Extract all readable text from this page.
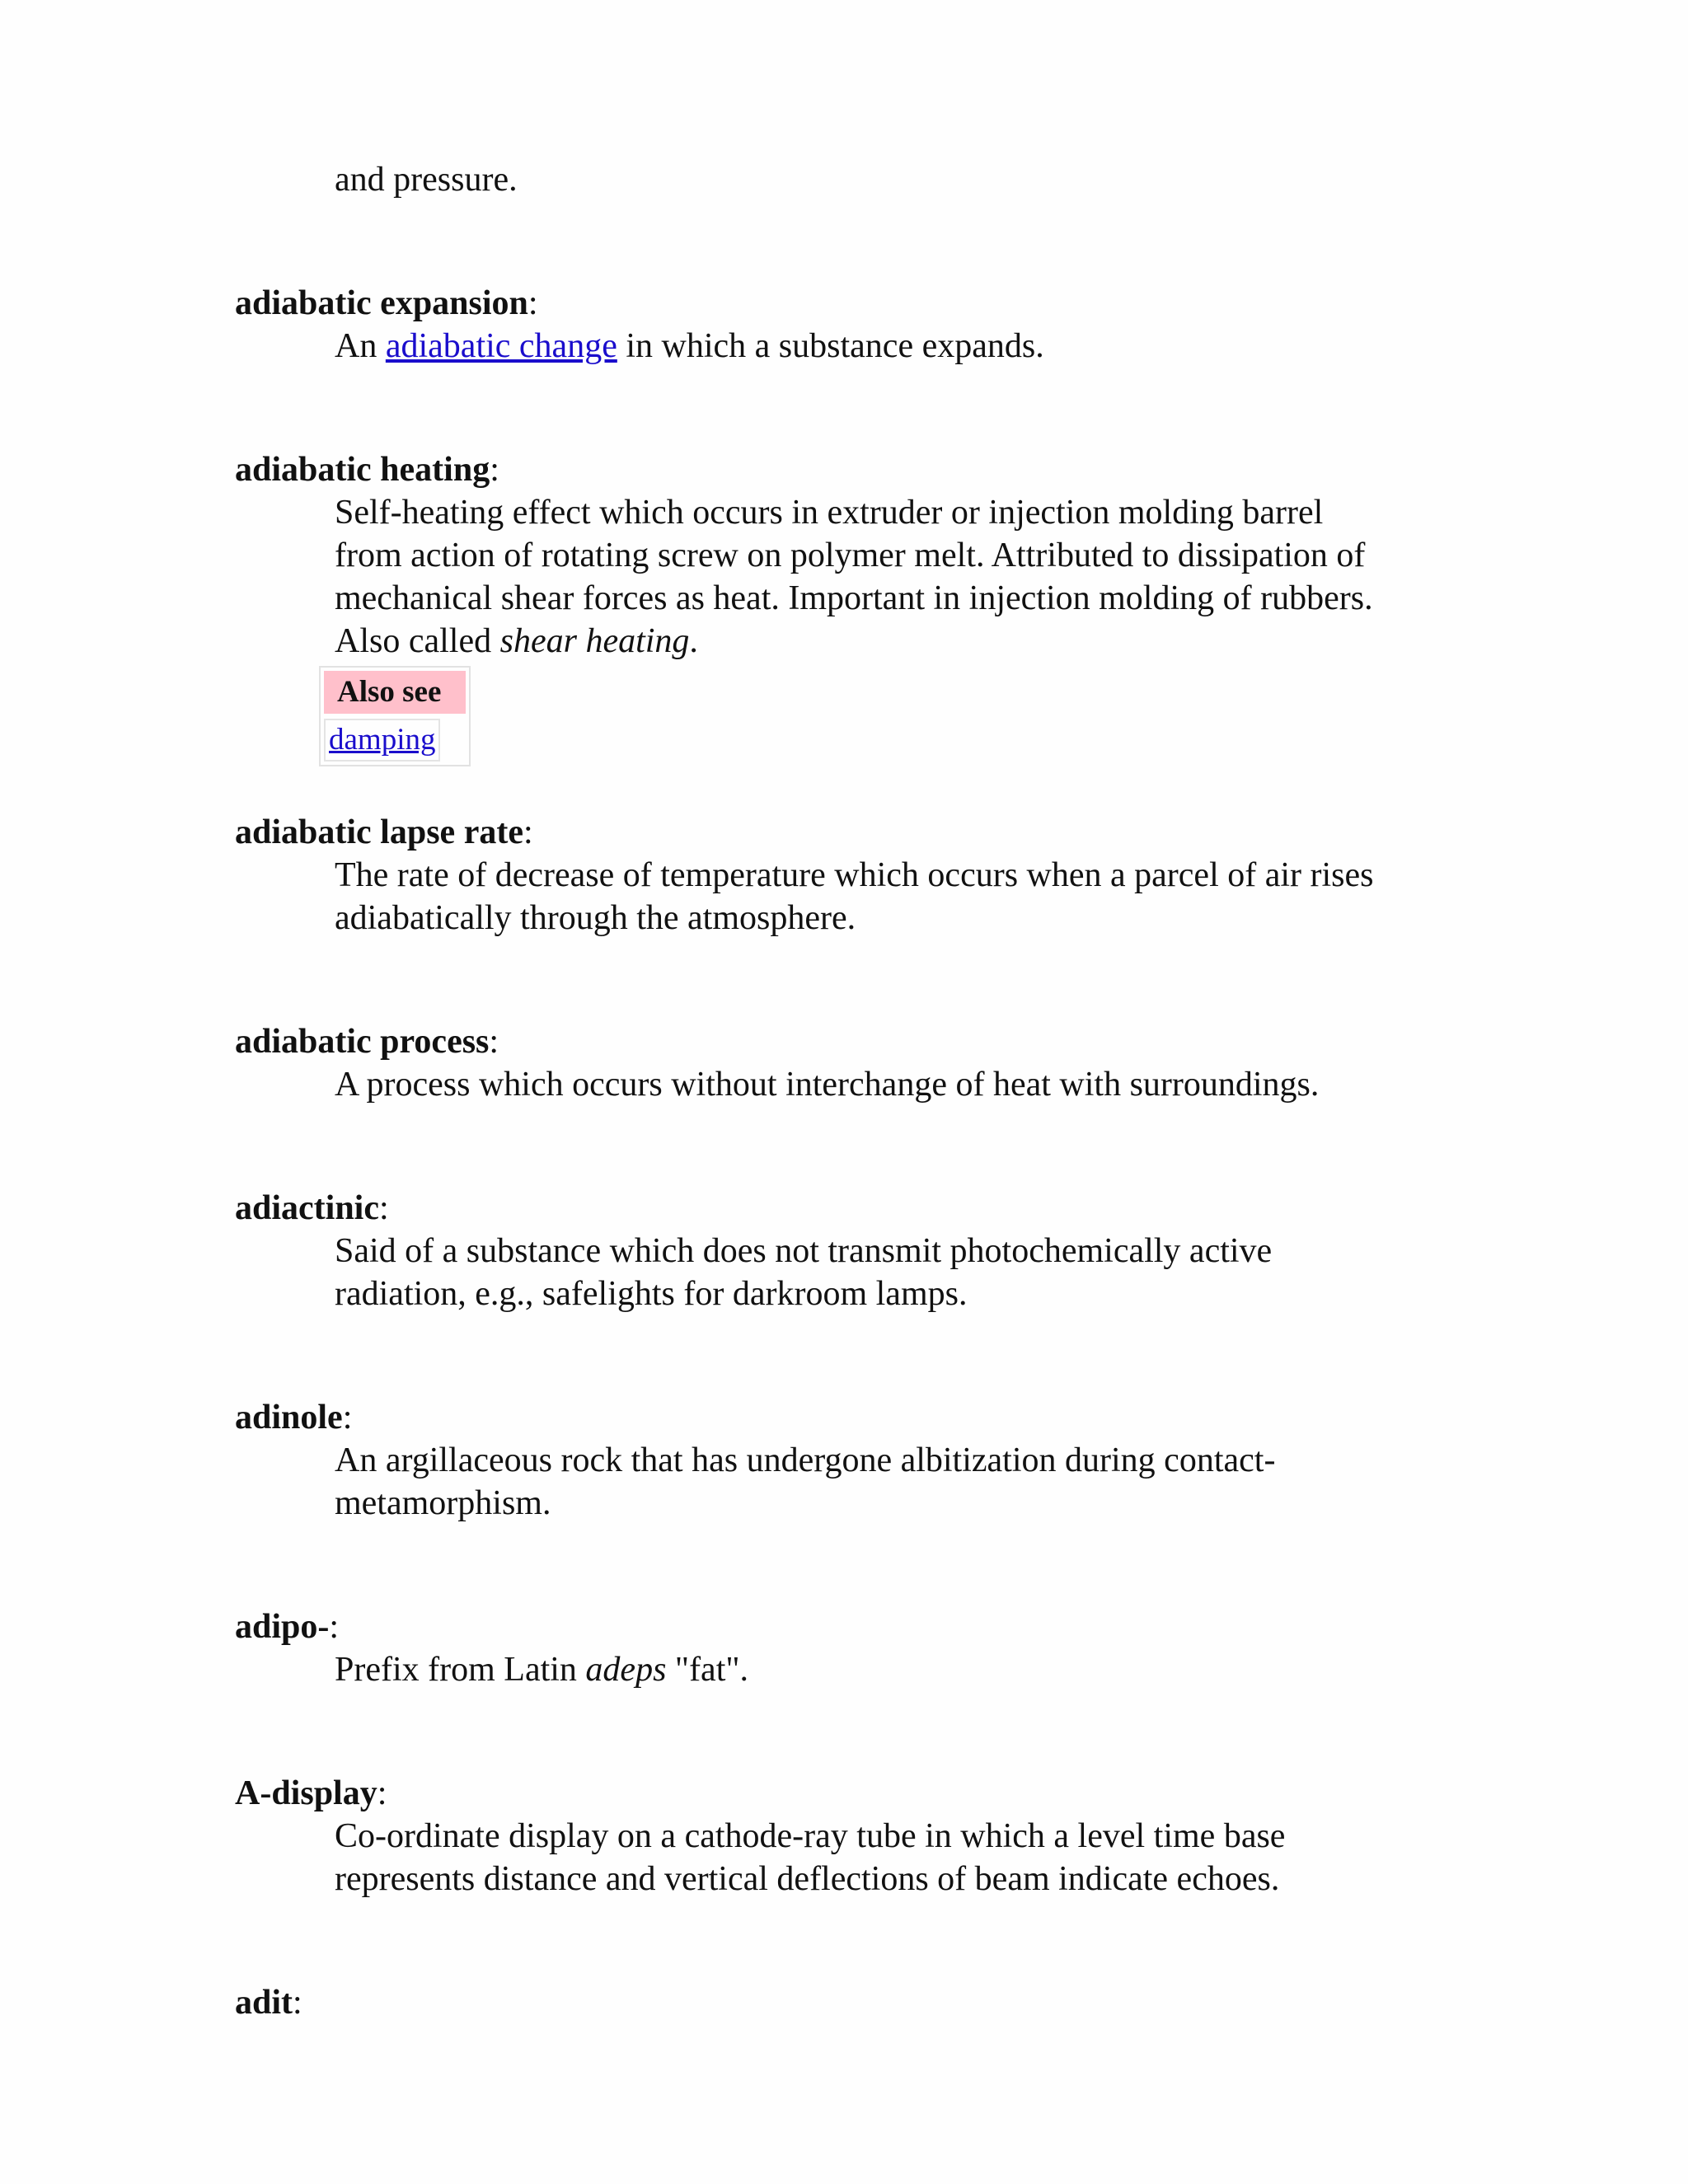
and pressure.
adiabatic expansion:
An adiabatic change in which a substance expands.
adiabatic heating:
Self-heating effect which occurs in extruder or injection molding barrel
from action of rotating screw on polymer melt. Attributed to dissipation of
mechanical shear forces as heat. Important in injection molding of rubbers.
Also called shear heating.
Also see
damping
adiabatic lapse rate:
The rate of decrease of temperature which occurs when a parcel of air rises
adiabatically through the atmosphere.
adiabatic process:
A process which occurs without interchange of heat with surroundings.
adiactinic:
Said of a substance which does not transmit photochemically active
radiation, e.g., safelights for darkroom lamps.
adinole:
An argillaceous rock that has undergone albitization during contact-
metamorphism.
adipo-:
Prefix from Latin adeps "fat".
A-display:
Co-ordinate display on a cathode-ray tube in which a level time base
represents distance and vertical deflections of beam indicate echoes.
adit:
